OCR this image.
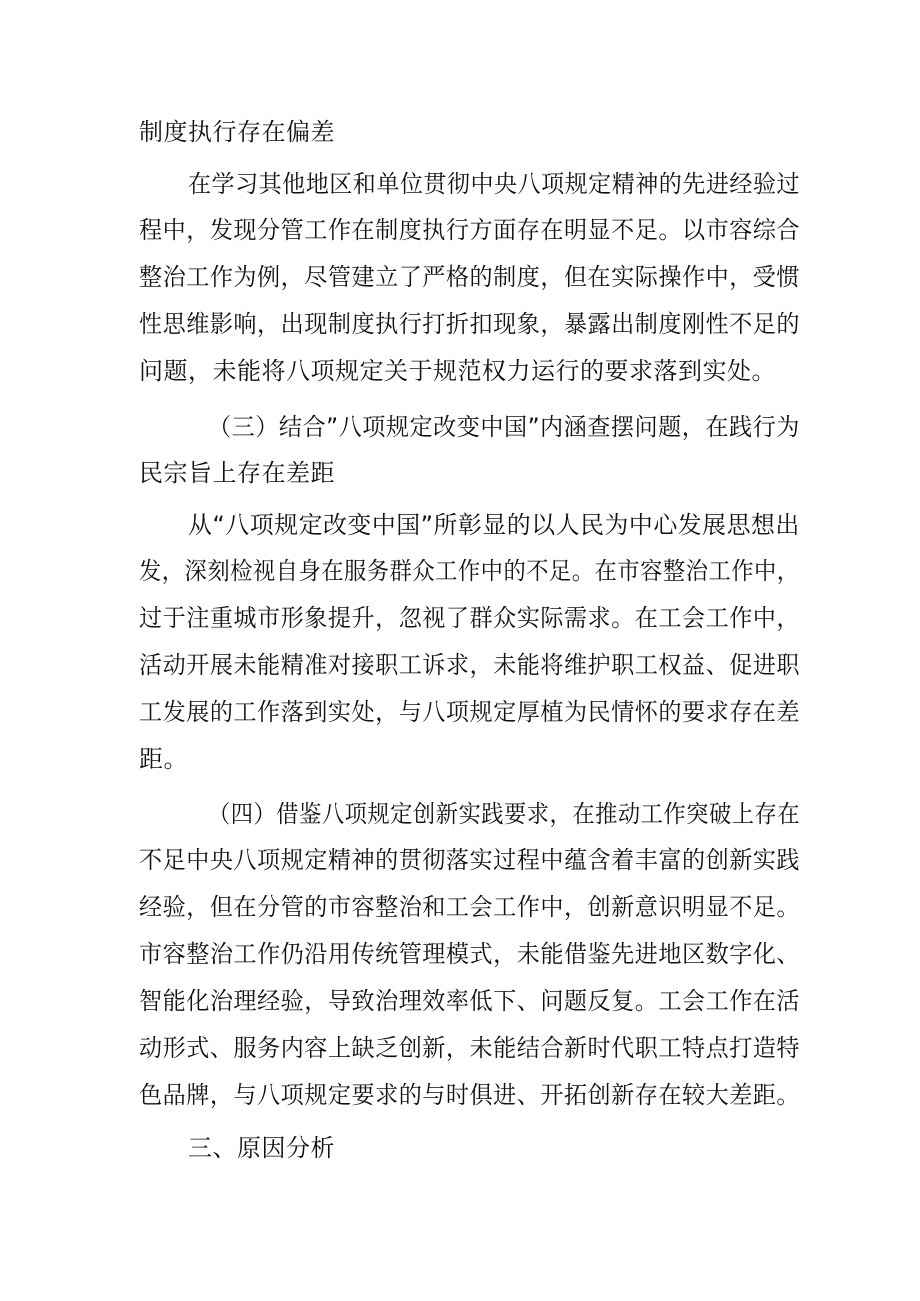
制度执行存在偏差
在学习其他地区和单位贯彻中央八项规定精神的先进经验过
程中，发现分管工作在制度执行方面存在明显不足。以市容综合
整治工作为例，尽管建立了严格的制度，但在实际操作中，受惯
性思维影响，出现制度执行打折扣现象，暴露出制度刚性不足的
问题，未能将八项规定关于规范权力运行的要求落到实处。
（三）结合”八项规定改变中国”内涵查摆问题，在践行为
民宗旨上存在差距
从“八项规定改变中国”所彰显的以人民为中心发展思想出
发，深刻检视自身在服务群众工作中的不足。在市容整治工作中，
过于注重城市形象提升，忽视了群众实际需求。在工会工作中，
活动开展未能精准对接职工诉求，未能将维护职工权益、促进职
工发展的工作落到实处，与八项规定厚植为民情怀的要求存在差
距。
（四）借鉴八项规定创新实践要求，在推动工作突破上存在
不足中央八项规定精神的贯彻落实过程中蕴含着丰富的创新实践
经验，但在分管的市容整治和工会工作中，创新意识明显不足。
市容整治工作仍沿用传统管理模式，未能借鉴先进地区数字化、
智能化治理经验，导致治理效率低下、问题反复。工会工作在活
动形式、服务内容上缺乏创新，未能结合新时代职工特点打造特
色品牌，与八项规定要求的与时俱进、开拓创新存在较大差距。
三、原因分析
